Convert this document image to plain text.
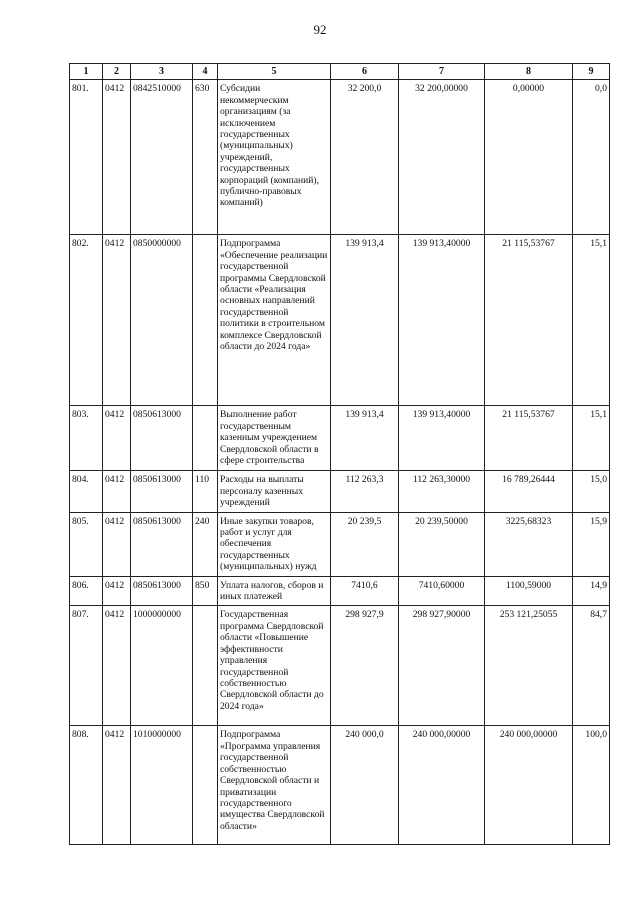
92
1	2	3	4	5	6	7	8	9
801.	0412	0842510000	630	Субсидии некоммерческим организациям (за исключением государственных (муниципальных) учреждений, государственных корпораций (компаний), публично-правовых компаний)	32 200,0	32 200,00000	0,00000	0,0
802.	0412	0850000000		Подпрограмма «Обеспечение реализации государственной программы Свердловской области «Реализация основных направлений государственной политики в строительном комплексе Свердловской области до 2024 года»	139 913,4	139 913,40000	21 115,53767	15,1
803.	0412	0850613000		Выполнение работ государственным казенным учреждением Свердловской области в сфере строительства	139 913,4	139 913,40000	21 115,53767	15,1
804.	0412	0850613000	110	Расходы на выплаты персоналу казенных учреждений	112 263,3	112 263,30000	16 789,26444	15,0
805.	0412	0850613000	240	Иные закупки товаров, работ и услуг для обеспечения государственных (муниципальных) нужд	20 239,5	20 239,50000	3225,68323	15,9
806.	0412	0850613000	850	Уплата налогов, сборов и иных платежей	7410,6	7410,60000	1100,59000	14,9
807.	0412	1000000000		Государственная программа Свердловской области «Повышение эффективности управления государственной собственностью Свердловской области до 2024 года»	298 927,9	298 927,90000	253 121,25055	84,7
808.	0412	1010000000		Подпрограмма «Программа управления государственной собственностью Свердловской области и приватизации государственного имущества Свердловской области»	240 000,0	240 000,00000	240 000,00000	100,0
